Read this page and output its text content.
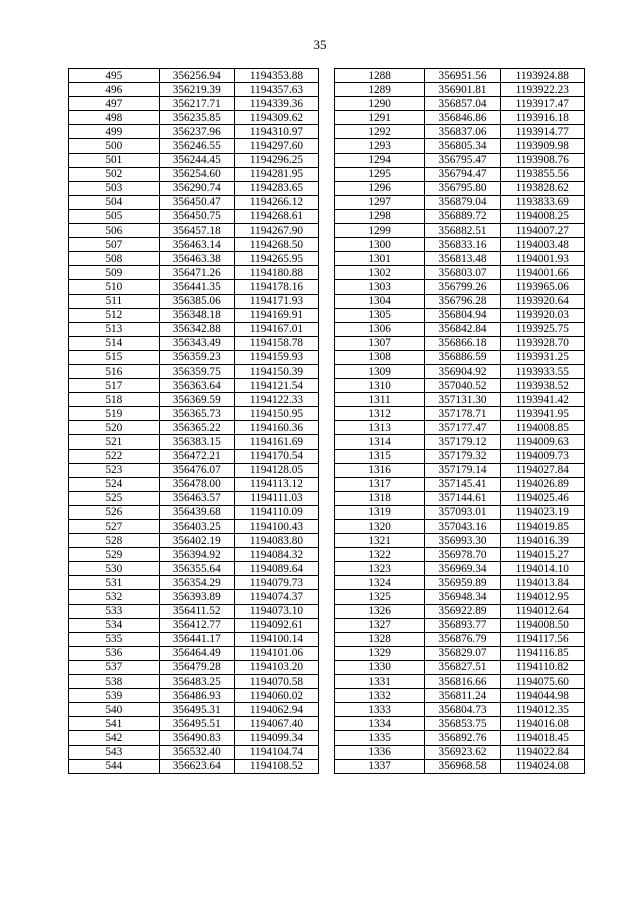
35
495	356256.94	1194353.88		1288	356951.56	1193924.88
496	356219.39	1194357.63		1289	356901.81	1193922.23
497	356217.71	1194339.36		1290	356857.04	1193917.47
498	356235.85	1194309.62		1291	356846.86	1193916.18
499	356237.96	1194310.97		1292	356837.06	1193914.77
500	356246.55	1194297.60		1293	356805.34	1193909.98
501	356244.45	1194296.25		1294	356795.47	1193908.76
502	356254.60	1194281.95		1295	356794.47	1193855.56
503	356290.74	1194283.65		1296	356795.80	1193828.62
504	356450.47	1194266.12		1297	356879.04	1193833.69
505	356450.75	1194268.61		1298	356889.72	1194008.25
506	356457.18	1194267.90		1299	356882.51	1194007.27
507	356463.14	1194268.50		1300	356833.16	1194003.48
508	356463.38	1194265.95		1301	356813.48	1194001.93
509	356471.26	1194180.88		1302	356803.07	1194001.66
510	356441.35	1194178.16		1303	356799.26	1193965.06
511	356385.06	1194171.93		1304	356796.28	1193920.64
512	356348.18	1194169.91		1305	356804.94	1193920.03
513	356342.88	1194167.01		1306	356842.84	1193925.75
514	356343.49	1194158.78		1307	356866.18	1193928.70
515	356359.23	1194159.93		1308	356886.59	1193931.25
516	356359.75	1194150.39		1309	356904.92	1193933.55
517	356363.64	1194121.54		1310	357040.52	1193938.52
518	356369.59	1194122.33		1311	357131.30	1193941.42
519	356365.73	1194150.95		1312	357178.71	1193941.95
520	356365.22	1194160.36		1313	357177.47	1194008.85
521	356383.15	1194161.69		1314	357179.12	1194009.63
522	356472.21	1194170.54		1315	357179.32	1194009.73
523	356476.07	1194128.05		1316	357179.14	1194027.84
524	356478.00	1194113.12		1317	357145.41	1194026.89
525	356463.57	1194111.03		1318	357144.61	1194025.46
526	356439.68	1194110.09		1319	357093.01	1194023.19
527	356403.25	1194100.43		1320	357043.16	1194019.85
528	356402.19	1194083.80		1321	356993.30	1194016.39
529	356394.92	1194084.32		1322	356978.70	1194015.27
530	356355.64	1194089.64		1323	356969.34	1194014.10
531	356354.29	1194079.73		1324	356959.89	1194013.84
532	356393.89	1194074.37		1325	356948.34	1194012.95
533	356411.52	1194073.10		1326	356922.89	1194012.64
534	356412.77	1194092.61		1327	356893.77	1194008.50
535	356441.17	1194100.14		1328	356876.79	1194117.56
536	356464.49	1194101.06		1329	356829.07	1194116.85
537	356479.28	1194103.20		1330	356827.51	1194110.82
538	356483.25	1194070.58		1331	356816.66	1194075.60
539	356486.93	1194060.02		1332	356811.24	1194044.98
540	356495.31	1194062.94		1333	356804.73	1194012.35
541	356495.51	1194067.40		1334	356853.75	1194016.08
542	356490.83	1194099.34		1335	356892.76	1194018.45
543	356532.40	1194104.74		1336	356923.62	1194022.84
544	356623.64	1194108.52		1337	356968.58	1194024.08
